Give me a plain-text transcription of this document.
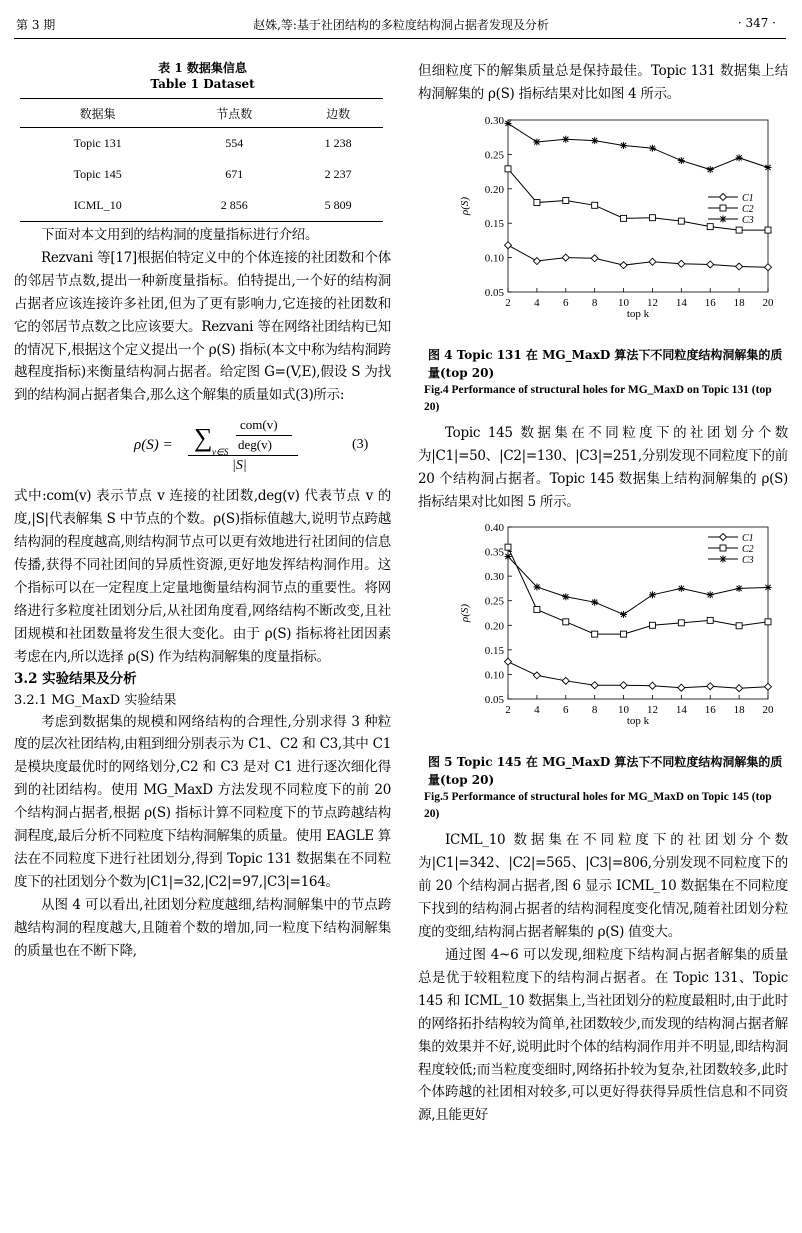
第 3 期	赵姝,等:基于社团结构的多粒度结构洞占据者发现及分析	· 347 ·
表 1 数据集信息
Table 1 Dataset
数据集	节点数	边数
Topic 131	554	1 238
Topic 145	671	2 237
ICML_10	2 856	5 809

下面对本文用到的结构洞的度量指标进行介绍。

Rezvani 等[17]根据伯特定义中的个体连接的社团数和个体的邻居节点数,提出一种新度量指标。伯特提出,一个好的结构洞占据者应该连接许多社团,但为了更有影响力,它连接的社团数和它的邻居节点数之比应该要大。Rezvani 等在网络社团结构已知的情况下,根据这个定义提出一个 ρ(S) 指标(本文中称为结构洞跨越程度指标)来衡量结构洞占据者。给定图 G=(V,E),假设 S 为找到的结构洞占据者集合,那么这个解集的质量如式(3)所示:

ρ(S) = ∑ v∈S
com(v)
deg(v)
|S|
(3)

式中:com(v) 表示节点 v 连接的社团数,deg(v) 代表节点 v 的度,|S|代表解集 S 中节点的个数。ρ(S)指标值越大,说明节点跨越结构洞的程度越高,则结构洞节点可以更有效地进行社团间的信息传播,获得不同社团间的异质性资源,更好地发挥结构洞作用。这个指标可以在一定程度上定量地衡量结构洞节点的重要性。将网络进行多粒度社团划分后,从社团角度看,网络结构不断改变,且社团规模和社团数量将发生很大变化。由于 ρ(S) 指标将社团因素考虑在内,所以选择 ρ(S) 作为结构洞解集的度量指标。

3.2 实验结果及分析
3.2.1 MG_MaxD 实验结果

考虑到数据集的规模和网络结构的合理性,分别求得 3 种粒度的层次社团结构,由粗到细分别表示为 C1、C2 和 C3,其中 C1 是模块度最优时的网络划分,C2 和 C3 是对 C1 进行逐次细化得到的社团结构。使用 MG_MaxD 方法发现不同粒度下的前 20 个结构洞占据者,根据 ρ(S) 指标计算不同粒度下的节点跨越结构洞程度,最后分析不同粒度下结构洞解集的质量。使用 EAGLE 算法在不同粒度下进行社团划分,得到 Topic 131 数据集在不同粒度下的社团划分个数为|C1|=32,|C2|=97,|C3|=164。

从图 4 可以看出,社团划分粒度越细,结构洞解集中的节点跨越结构洞的程度越大,且随着个数的增加,同一粒度下结构洞解集的质量也在不断下降,

但细粒度下的解集质量总是保持最佳。Topic 131 数据集上结构洞解集的 ρ(S) 指标结果对比如图 4 所示。

0.05
0.10
0.15
0.20
0.25
0.30
2 4 6 8 10 12 14 16 18 20
top k
ρ(S)	C1
C2
C3
图 4 Topic 131 在 MG_MaxD 算法下不同粒度结构洞解集的质量(top 20)
Fig.4 Performance of structural holes for MG_MaxD on Topic 131 (top 20)

Topic 145 数据集在不同粒度下的社团划分个数为|C1|=50、|C2|=130、|C3|=251,分别发现不同粒度下的前 20 个结构洞占据者。Topic 145 数据集上结构洞解集的 ρ(S) 指标结果对比如图 5 所示。

0.05
0.10
0.15
0.20
0.25
0.30
0.35
0.40
2 4 6 8 10 12 14 16 18 20
top k
ρ(S)
C1
C2
C3
图 5 Topic 145 在 MG_MaxD 算法下不同粒度结构洞解集的质量(top 20)
Fig.5 Performance of structural holes for MG_MaxD on Topic 145 (top 20)

ICML_10 数据集在不同粒度下的社团划分个数为|C1|=342、|C2|=565、|C3|=806,分别发现不同粒度下的前 20 个结构洞占据者,图 6 显示 ICML_10 数据集在不同粒度下找到的结构洞占据者的结构洞程度变化情况,随着社团划分粒度的变细,结构洞占据者解集的 ρ(S) 值变大。

通过图 4~6 可以发现,细粒度下结构洞占据者解集的质量总是优于较粗粒度下的结构洞占据者。在 Topic 131、Topic 145 和 ICML_10 数据集上,当社团划分的粒度最粗时,由于此时的网络拓扑结构较为简单,社团数较少,而发现的结构洞占据者解集的效果并不好,说明此时个体的结构洞作用并不明显,即结构洞程度较低;而当粒度变细时,网络拓扑较为复杂,社团数较多,此时个体跨越的社团相对较多,可以更好得获得异质性信息和不同资源,且能更好
